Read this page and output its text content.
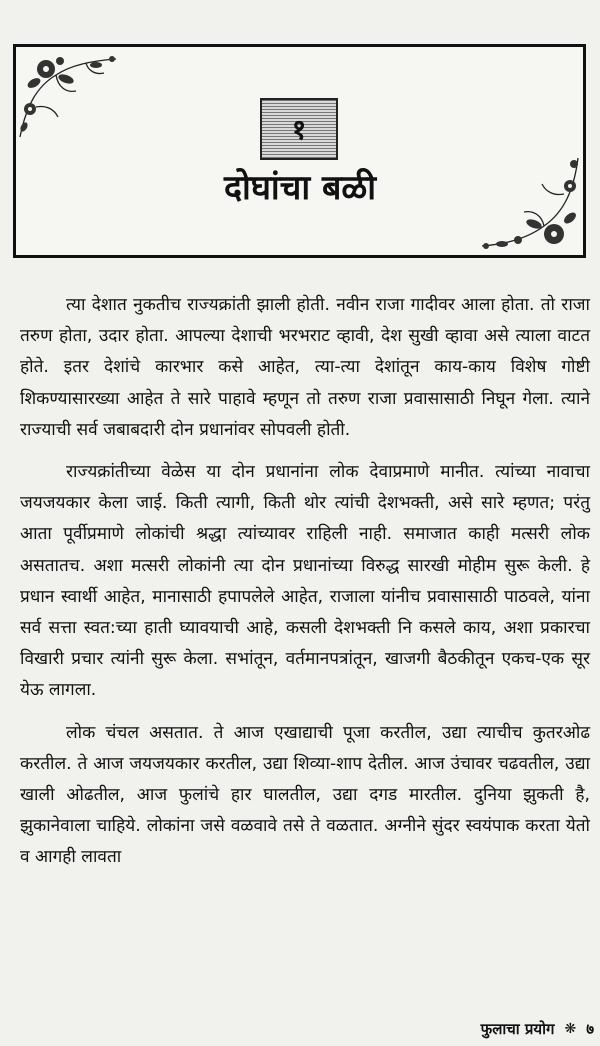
१
दोघांचा बळी

त्या देशात नुकतीच राज्यक्रांती झाली होती. नवीन राजा गादीवर आला होता. तो राजा तरुण होता, उदार होता. आपल्या देशाची भरभराट व्हावी, देश सुखी व्हावा असे त्याला वाटत होते. इतर देशांचे कारभार कसे आहेत, त्या-त्या देशांतून काय-काय विशेष गोष्टी शिकण्यासारख्या आहेत ते सारे पाहावे म्हणून तो तरुण राजा प्रवासासाठी निघून गेला. त्याने राज्याची सर्व जबाबदारी दोन प्रधानांवर सोपवली होती.

राज्यक्रांतीच्या वेळेस या दोन प्रधानांना लोक देवाप्रमाणे मानीत. त्यांच्या नावाचा जयजयकार केला जाई. किती त्यागी, किती थोर त्यांची देशभक्ती, असे सारे म्हणत; परंतु आता पूर्वीप्रमाणे लोकांची श्रद्धा त्यांच्यावर राहिली नाही. समाजात काही मत्सरी लोक असतातच. अशा मत्सरी लोकांनी त्या दोन प्रधानांच्या विरुद्ध सारखी मोहीम सुरू केली. हे प्रधान स्वार्थी आहेत, मानासाठी हपापलेले आहेत, राजाला यांनीच प्रवासासाठी पाठवले, यांना सर्व सत्ता स्वत:च्या हाती घ्यावयाची आहे, कसली देशभक्ती नि कसले काय, अशा प्रकारचा विखारी प्रचार त्यांनी सुरू केला. सभांतून, वर्तमानपत्रांतून, खाजगी बैठकीतून एकच-एक सूर येऊ लागला.

लोक चंचल असतात. ते आज एखाद्याची पूजा करतील, उद्या त्याचीच कुतरओढ करतील. ते आज जयजयकार करतील, उद्या शिव्या-शाप देतील. आज उंचावर चढवतील, उद्या खाली ओढतील, आज फुलांचे हार घालतील, उद्या दगड मारतील. दुनिया झुकती है, झुकानेवाला चाहिये. लोकांना जसे वळवावे तसे ते वळतात. अग्नीने सुंदर स्वयंपाक करता येतो व आगही लावता

फुलाचा प्रयोग ❋ ७
